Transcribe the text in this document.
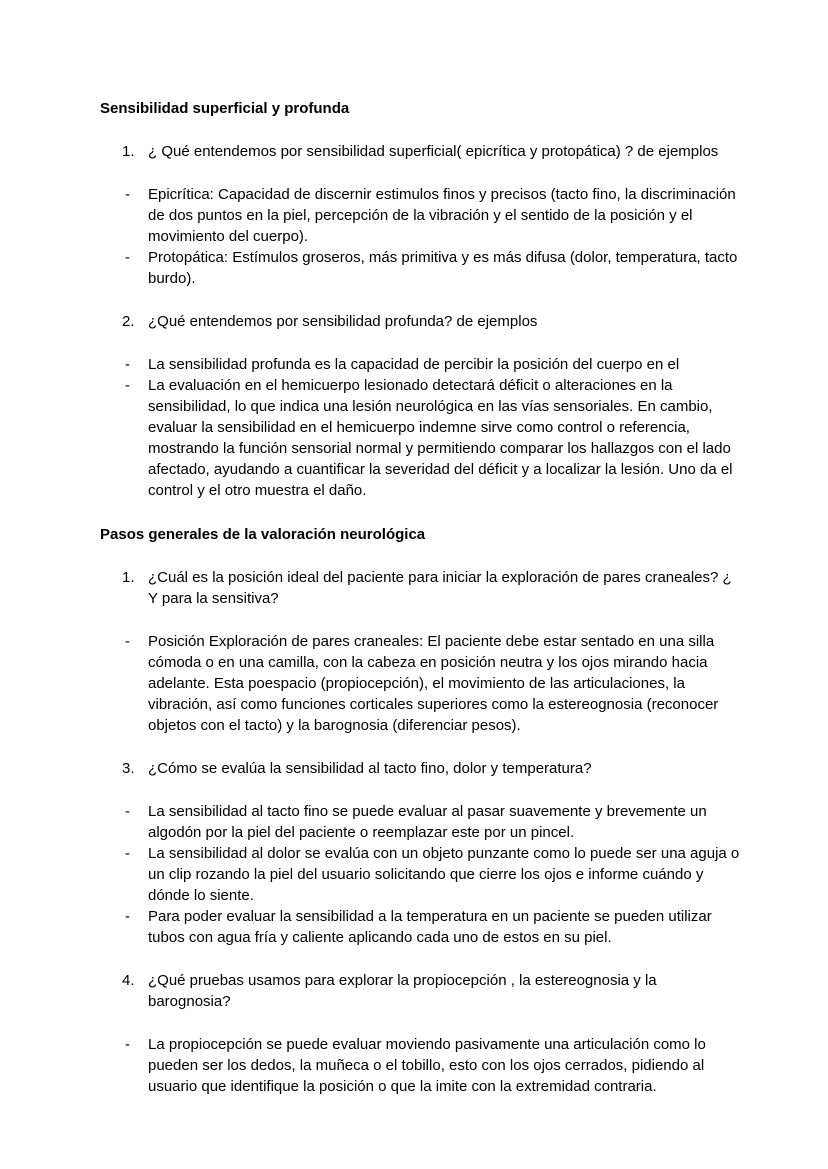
Sensibilidad superficial y profunda
1. ¿ Qué entendemos por sensibilidad superficial( epicrítica y protopática) ? de ejemplos
-	Epicrítica: Capacidad de discernir estimulos finos y precisos (tacto fino, la discriminación de dos puntos en la piel, percepción de la vibración y el sentido de la posición y el movimiento del cuerpo).
-	Protopática: Estímulos groseros, más primitiva y es más difusa (dolor, temperatura, tacto burdo).
2. ¿Qué entendemos por sensibilidad profunda? de ejemplos
-	La sensibilidad profunda es la capacidad de percibir la posición del cuerpo en el
-	La evaluación en el hemicuerpo lesionado detectará déficit o alteraciones en la sensibilidad, lo que indica una lesión neurológica en las vías sensoriales. En cambio, evaluar la sensibilidad en el hemicuerpo indemne sirve como control o referencia, mostrando la función sensorial normal y permitiendo comparar los hallazgos con el lado afectado, ayudando a cuantificar la severidad del déficit y a localizar la lesión. Uno da el control y el otro muestra el daño.
Pasos generales de la valoración neurológica
1. ¿Cuál es la posición ideal del paciente para iniciar la exploración de pares craneales? ¿ Y para la sensitiva?
-	Posición Exploración de pares craneales: El paciente debe estar sentado en una silla cómoda o en una camilla, con la cabeza en posición neutra y los ojos mirando hacia adelante. Esta poespacio (propiocepción), el movimiento de las articulaciones, la vibración, así como funciones corticales superiores como la estereognosia (reconocer objetos con el tacto) y la barognosia (diferenciar pesos).
3. ¿Cómo se evalúa la sensibilidad al tacto fino, dolor y temperatura?
-	La sensibilidad al tacto fino se puede evaluar al pasar suavemente y brevemente un algodón por la piel del paciente o reemplazar este por un pincel.
-	La sensibilidad al dolor se evalúa con un objeto punzante como lo puede ser una aguja o un clip rozando la piel del usuario solicitando que cierre los ojos e informe cuándo y dónde lo siente.
-	Para poder evaluar la sensibilidad a la temperatura en un paciente se pueden utilizar tubos con agua fría y caliente aplicando cada uno de estos en su piel.
4. ¿Qué pruebas usamos para explorar la propiocepción , la estereognosia y la barognosia?
-	La propiocepción se puede evaluar moviendo pasivamente una articulación como lo pueden ser los dedos, la muñeca o el tobillo, esto con los ojos cerrados, pidiendo al usuario que identifique la posición o que la imite con la extremidad contraria.
